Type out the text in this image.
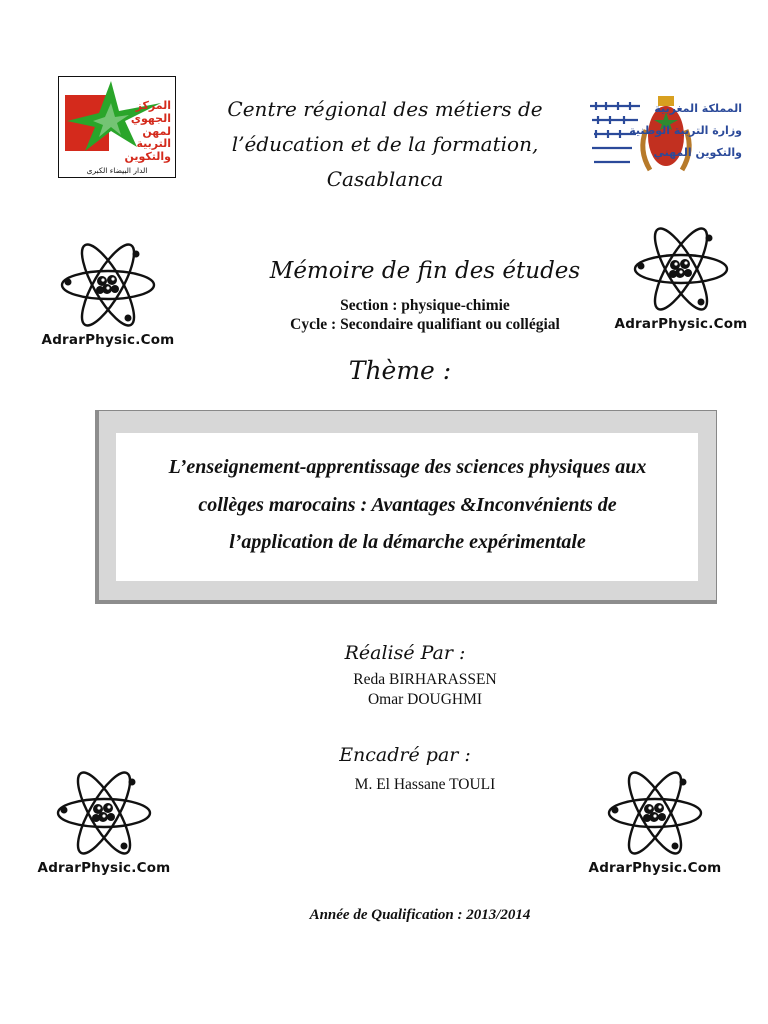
المركز
الجهوي
لمهن
التربية
والتكوين
الدار البيضاء الكبرى
Centre régional des métiers de
l’éducation et de la formation,
Casablanca
المملكة المغربية
وزارة التربية الوطنية
والتكوين المهني
AdrarPhysic.Com
AdrarPhysic.Com
AdrarPhysic.Com	AdrarPhysic.Com
Mémoire de fin des études
Section : physique-chimie
Cycle : Secondaire qualifiant ou collégial
Thème :
L’enseignement-apprentissage des sciences physiques aux
collèges marocains : Avantages &Inconvénients de
l’application de la démarche expérimentale
Réalisé Par :
Reda BIRHARASSEN
Omar DOUGHMI
Encadré par :
M. El Hassane TOULI
Année de Qualification : 2013/2014
